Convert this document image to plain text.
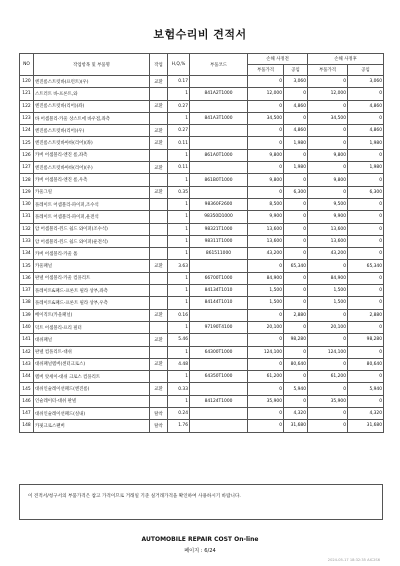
보험수리비 견적서
NO	작업항목 및 부품명	작업	H,Q,%	부품코드	손해 사정전		손해 사정후	
					부품가격	공임	부품가격	공임
120	엔진룸스트럿바(프런트)(우)	교환	0.17		0	3,060	0	3,060
121	스트러트 바-프론트,와		1	841A2T1000	12,000	0	12,000	0
122	엔진룸스트럿바(리어)(좌)	교환	0.27		0	4,860	0	4,860
123	바 어셈블리-카울 상스트에 바우점,좌측		1	841A3T1000	34,500	0	34,500	0
124	엔진룸스트럿바(리어)(우)	교환	0.27		0	4,860	0	4,860
125	엔진룸스트럿바아바(리어)(좌)	교환	0.11		0	1,980	0	1,980
126	카버 어셈블리-엔진 룸,좌측		1	861A0T1000	9,800	0	9,800	0
127	엔진룸스트럿바아바(리어)(우)	교환	0.11		0	1,980	0	1,980
128	카버 어셈블리-엔진 룸,우측		1	861B0T1000	9,800	0	9,800	0
129	카울그릴	교환	0.35		0	6,300	0	6,300
130	플레이트 어셈블리-파이퍼,조수석		1	98360F2600	8,500	0	9,500	0
131	플레이트 어셈블리-파이퍼,운전석		1	98350D1000	9,900	0	9,900	0
132	암 어셈블리-윈드 쉴드 와이퍼(조수석)		1	98321T1000	13,600	0	13,600	0
133	암 어셈블리-윈드 쉴드 와이퍼(운전석)		1	98311T1000	13,600	0	13,600	0
134	카버 어셈블리-카울 톱		1	861511000	43,200	0	43,200	0
135	카울패널	교환	3.63		0	65,340	0	65,340
136	판넬 어셈블리-카울 컴플리트		1	66700T1000	84,900	0	84,900	0
137	플레이트&패드-프론트 필라 상부,좌측		1	84134T1010	1,500	0	1,500	0
138	플레이트&패드-프론트 필라 상부,우측		1	84144T1010	1,500	0	1,500	0
139	베이직트(카울패널)	교환	0.16		0	2,880	0	2,880
140	덕트 어셈블리-프리 필터		1	97190T4100	20,100	0	20,100	0
141	대쉬패널	교환	5.46		0	98,280	0	98,280
142	판넬 컴플리트-대쉬		1	64300T1000	124,100	0	124,100	0
143	대쉬패널멤버(센터크로스)	교환	4.48		0	80,640	0	80,640
144	멤버 앗세이-대쉬 크로스 컴플리트		1	64350T1000	61,200	0	61,200	0
145	대쉬인슐레이션패드(엔진룸)	교환	0.33		0	5,940	0	5,940
146	인슐레이터-대쉬 판넬		1	84124T1000	35,900	0	35,900	0
147	대쉬인슐레이션패드(실내)	탈착	0.24		0	4,320	0	4,320
148	카핏크로스팬버	탈착	1.76		0	31,680	0	31,680
이 견적서/청구서의 부품가격은 참고 가격이므로 거래일 기준 실거래가격을 확인하여 사용하시기 바랍니다.
AUTOMOBILE REPAIR COST On-line
페이지 : 6/24
2024-05-17 18:32:35 AIC2S6
